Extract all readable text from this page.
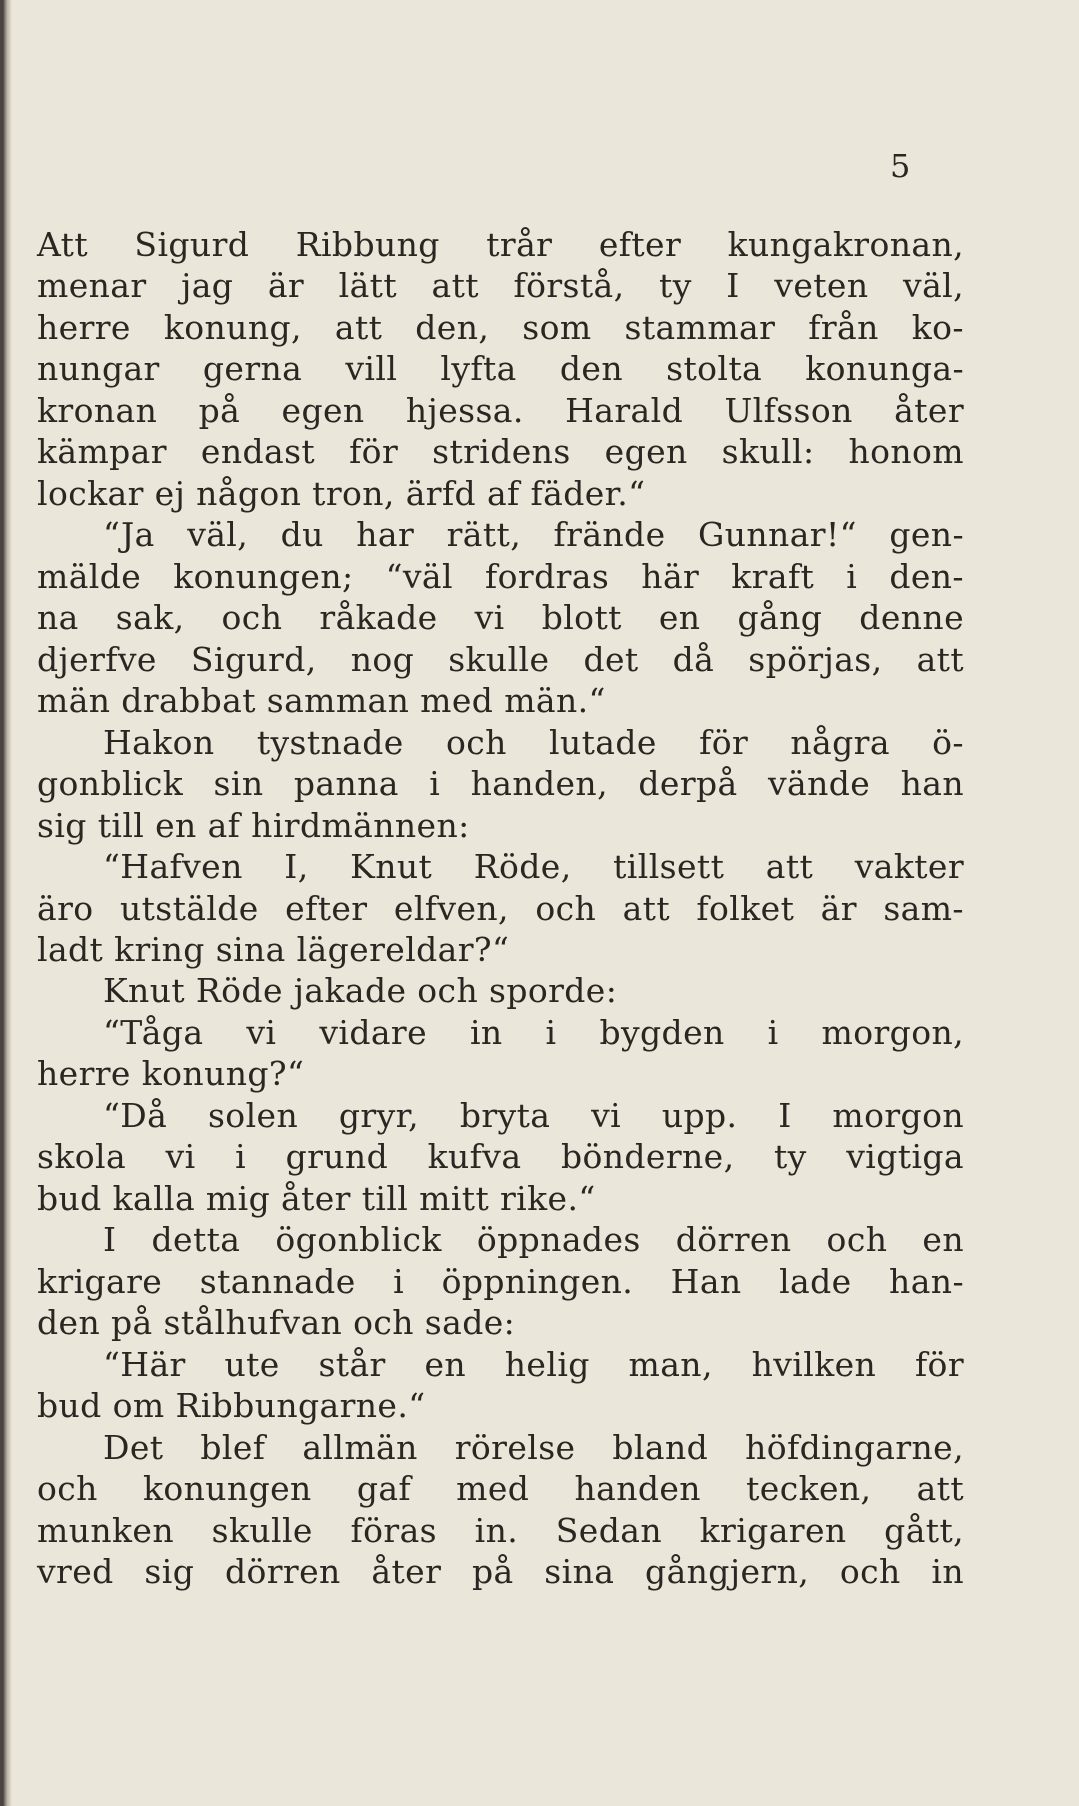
5
Att Sigurd Ribbung trår efter kungakronan,
menar jag är lätt att förstå, ty I veten väl,
herre konung, att den, som stammar från ko-
nungar gerna vill lyfta den stolta konunga-
kronan på egen hjessa. Harald Ulfsson åter
kämpar endast för stridens egen skull: honom
lockar ej någon tron, ärfd af fäder.“
“Ja väl, du har rätt, frände Gunnar!“ gen-
mälde konungen; “väl fordras här kraft i den-
na sak, och råkade vi blott en gång denne
djerfve Sigurd, nog skulle det då spörjas, att
män drabbat samman med män.“
Hakon tystnade och lutade för några ö-
gonblick sin panna i handen, derpå vände han
sig till en af hirdmännen:
“Hafven I, Knut Röde, tillsett att vakter
äro utstälde efter elfven, och att folket är sam-
ladt kring sina lägereldar?“
Knut Röde jakade och sporde:
“Tåga vi vidare in i bygden i morgon,
herre konung?“
“Då solen gryr, bryta vi upp. I morgon
skola vi i grund kufva bönderne, ty vigtiga
bud kalla mig åter till mitt rike.“
I detta ögonblick öppnades dörren och en
krigare stannade i öppningen. Han lade han-
den på stålhufvan och sade:
“Här ute står en helig man, hvilken för
bud om Ribbungarne.“
Det blef allmän rörelse bland höfdingarne,
och konungen gaf med handen tecken, att
munken skulle föras in. Sedan krigaren gått,
vred sig dörren åter på sina gångjern, och in
